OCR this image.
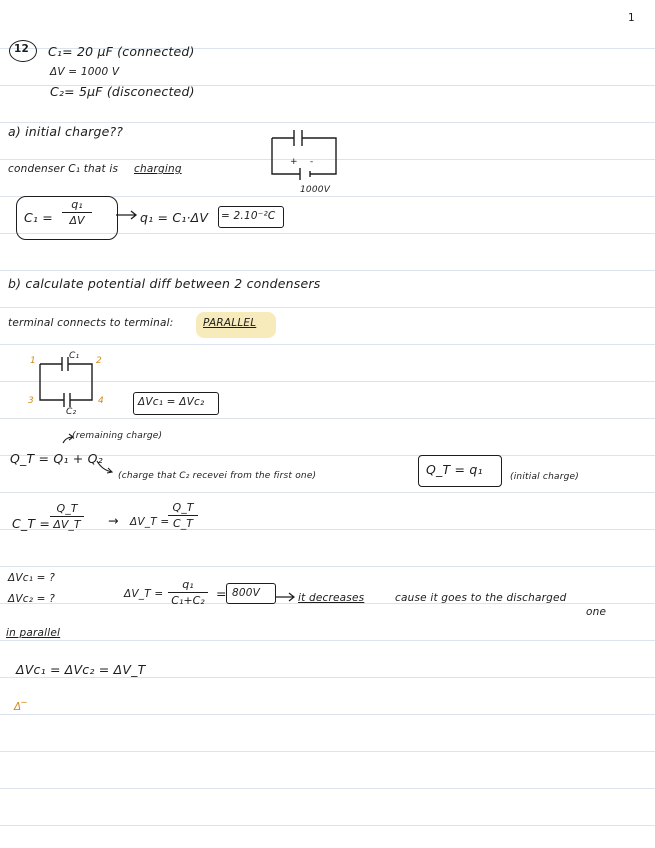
1
12 C₁= 20 μF (connected)
ΔV = 1000 V
C₂= 5μF (disconected)
a) initial charge??
+ -
1000V
condenser C₁ that is charging
C₁ =
q₁
ΔV	q₁ = C₁·ΔV = 2.10⁻²C
b) calculate potential diff between 2 condensers
terminal connects to terminal:	PARALLEL
C₁
C₂
1	2
3	4	ΔVc₁ = ΔVc₂
(remaining charge)
Q_T = Q₁ + Q₂
(charge that C₂ recevei from the first one)	Q_T = q₁	(initial charge)
C_T =
Q_T
ΔV_T → ΔV_T =
Q_T
C_T
ΔVc₁ = ?
ΔVc₂ = ?	ΔV_T =
q₁
C₁+C₂ = 800V	it decreases	cause it goes to the discharged
one
in parallel
ΔVc₁ = ΔVc₂ = ΔV_T
Δ‾
